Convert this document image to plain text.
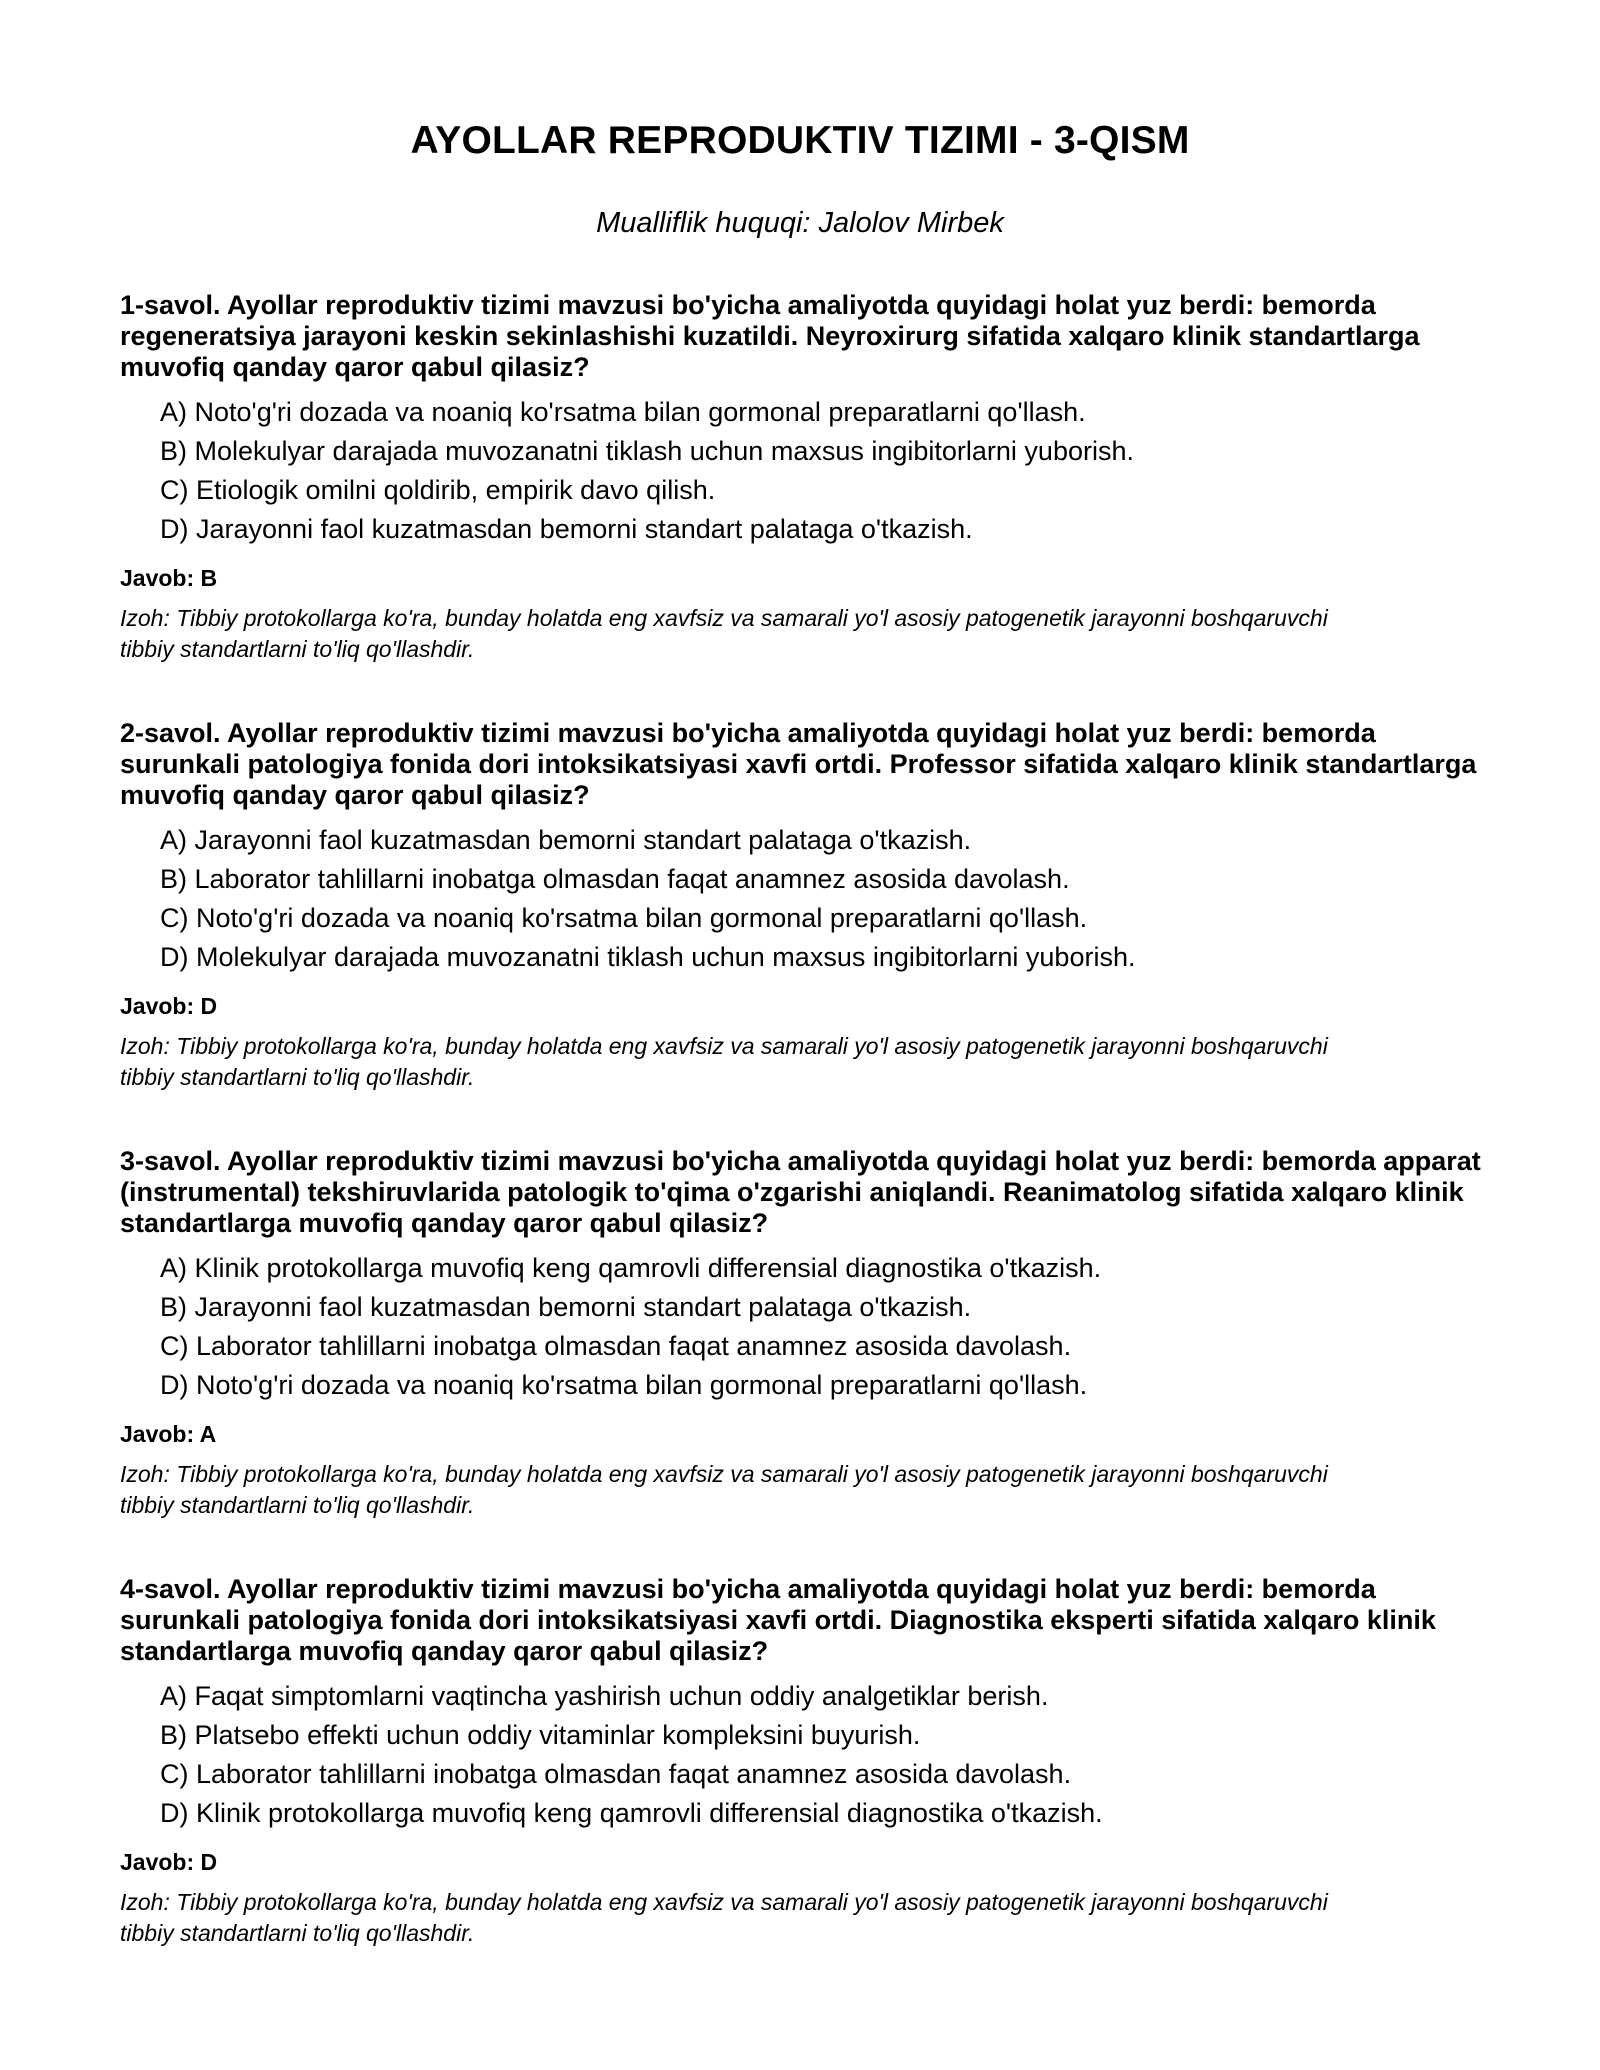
AYOLLAR REPRODUKTIV TIZIMI - 3-QISM

Mualliflik huquqi: Jalolov Mirbek

1-savol. Ayollar reproduktiv tizimi mavzusi bo'yicha amaliyotda quyidagi holat yuz berdi: bemorda regeneratsiya jarayoni keskin sekinlashishi kuzatildi. Neyroxirurg sifatida xalqaro klinik standartlarga muvofiq qanday qaror qabul qilasiz?

A) Noto'g'ri dozada va noaniq ko'rsatma bilan gormonal preparatlarni qo'llash.
B) Molekulyar darajada muvozanatni tiklash uchun maxsus ingibitorlarni yuborish.
C) Etiologik omilni qoldirib, empirik davo qilish.
D) Jarayonni faol kuzatmasdan bemorni standart palataga o'tkazish.

Javob: B

Izoh: Tibbiy protokollarga ko'ra, bunday holatda eng xavfsiz va samarali yo'l asosiy patogenetik jarayonni boshqaruvchi tibbiy standartlarni to'liq qo'llashdir.

2-savol. Ayollar reproduktiv tizimi mavzusi bo'yicha amaliyotda quyidagi holat yuz berdi: bemorda surunkali patologiya fonida dori intoksikatsiyasi xavfi ortdi. Professor sifatida xalqaro klinik standartlarga muvofiq qanday qaror qabul qilasiz?

A) Jarayonni faol kuzatmasdan bemorni standart palataga o'tkazish.
B) Laborator tahlillarni inobatga olmasdan faqat anamnez asosida davolash.
C) Noto'g'ri dozada va noaniq ko'rsatma bilan gormonal preparatlarni qo'llash.
D) Molekulyar darajada muvozanatni tiklash uchun maxsus ingibitorlarni yuborish.

Javob: D

Izoh: Tibbiy protokollarga ko'ra, bunday holatda eng xavfsiz va samarali yo'l asosiy patogenetik jarayonni boshqaruvchi tibbiy standartlarni to'liq qo'llashdir.

3-savol. Ayollar reproduktiv tizimi mavzusi bo'yicha amaliyotda quyidagi holat yuz berdi: bemorda apparat (instrumental) tekshiruvlarida patologik to'qima o'zgarishi aniqlandi. Reanimatolog sifatida xalqaro klinik standartlarga muvofiq qanday qaror qabul qilasiz?

A) Klinik protokollarga muvofiq keng qamrovli differensial diagnostika o'tkazish.
B) Jarayonni faol kuzatmasdan bemorni standart palataga o'tkazish.
C) Laborator tahlillarni inobatga olmasdan faqat anamnez asosida davolash.
D) Noto'g'ri dozada va noaniq ko'rsatma bilan gormonal preparatlarni qo'llash.

Javob: A

Izoh: Tibbiy protokollarga ko'ra, bunday holatda eng xavfsiz va samarali yo'l asosiy patogenetik jarayonni boshqaruvchi tibbiy standartlarni to'liq qo'llashdir.

4-savol. Ayollar reproduktiv tizimi mavzusi bo'yicha amaliyotda quyidagi holat yuz berdi: bemorda surunkali patologiya fonida dori intoksikatsiyasi xavfi ortdi. Diagnostika eksperti sifatida xalqaro klinik standartlarga muvofiq qanday qaror qabul qilasiz?

A) Faqat simptomlarni vaqtincha yashirish uchun oddiy analgetiklar berish.
B) Platsebo effekti uchun oddiy vitaminlar kompleksini buyurish.
C) Laborator tahlillarni inobatga olmasdan faqat anamnez asosida davolash.
D) Klinik protokollarga muvofiq keng qamrovli differensial diagnostika o'tkazish.

Javob: D

Izoh: Tibbiy protokollarga ko'ra, bunday holatda eng xavfsiz va samarali yo'l asosiy patogenetik jarayonni boshqaruvchi tibbiy standartlarni to'liq qo'llashdir.
